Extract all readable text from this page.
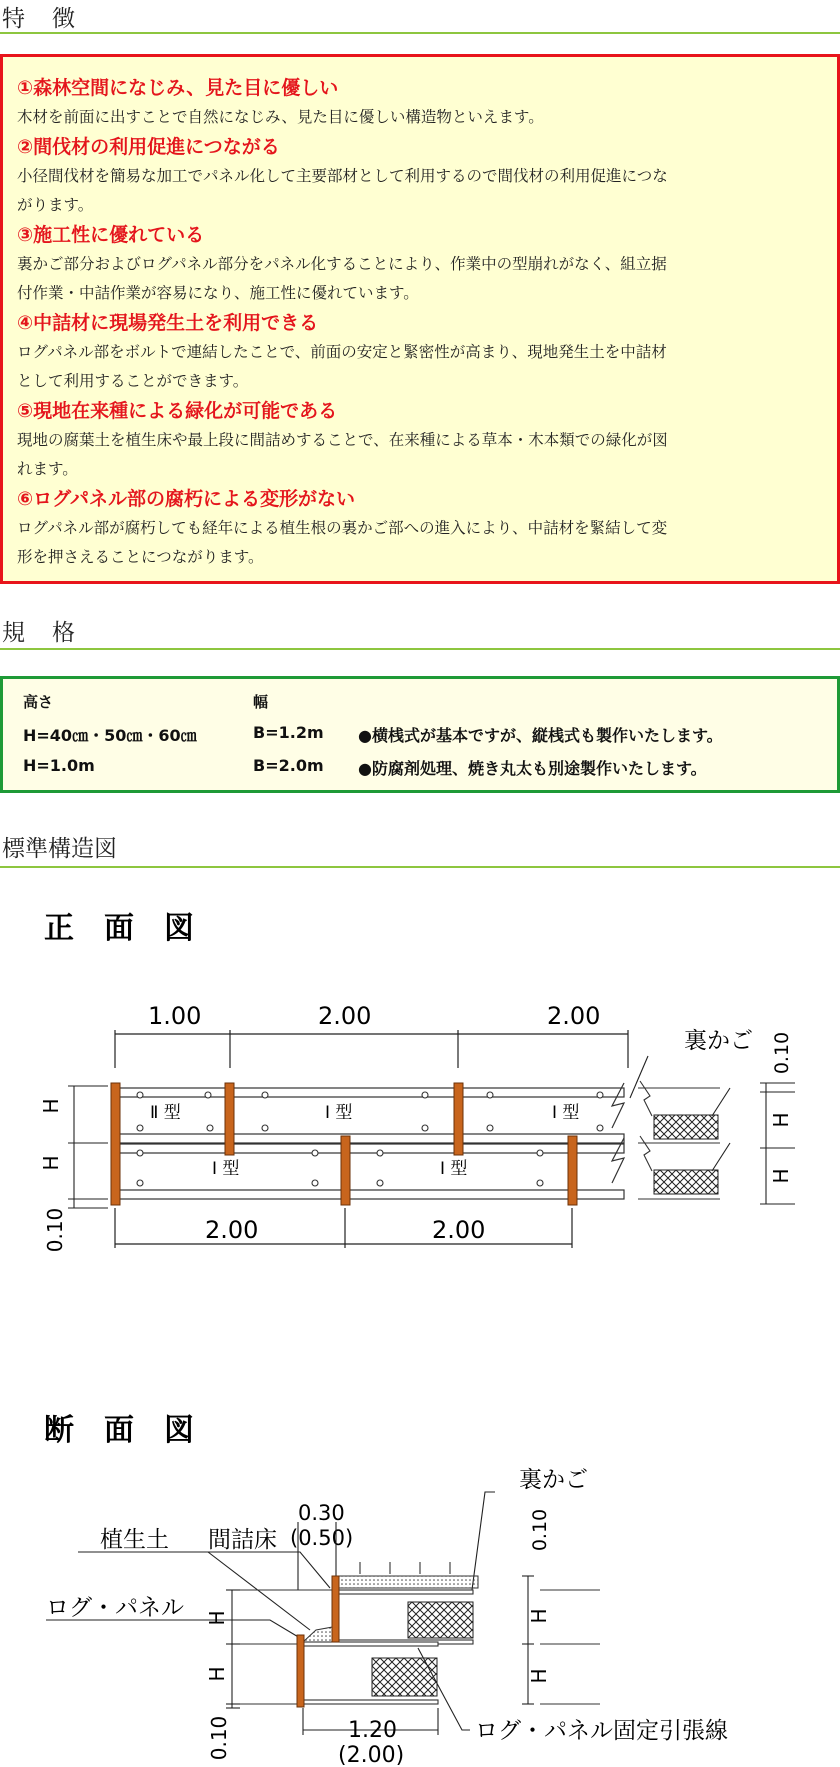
特　徴
①森林空間になじみ、見た目に優しい

木材を前面に出すことで自然になじみ、見た目に優しい構造物といえます。

②間伐材の利用促進につながる

小径間伐材を簡易な加工でパネル化して主要部材として利用するので間伐材の利用促進につな

がります。

③施工性に優れている

裏かご部分およびログパネル部分をパネル化することにより、作業中の型崩れがなく、組立据

付作業・中詰作業が容易になり、施工性に優れています。

④中詰材に現場発生土を利用できる

ログパネル部をボルトで連結したことで、前面の安定と緊密性が高まり、現地発生土を中詰材

として利用することができます。

⑤現地在来種による緑化が可能である

現地の腐葉土を植生床や最上段に間詰めすることで、在来種による草本・木本類での緑化が図

れます。

⑥ログパネル部の腐朽による変形がない

ログパネル部が腐朽しても経年による植生根の裏かご部への進入により、中詰材を緊結して変

形を押さえることにつながります。

規　格
高さ	幅
H=40㎝・50㎝・60㎝	B=1.2m ●横桟式が基本ですが、縦桟式も製作いたします。
H=1.0m	B=2.0m ●防腐剤処理、焼き丸太も別途製作いたします。
標準構造図
正　面　図
1.00	2.00	2.00
Ⅱ 型	Ⅰ 型	Ⅰ 型
Ⅰ 型	Ⅰ 型
H
H
0.10	2.00	2.00
裏かご 0.10
H
H
断　面　図
裏かご
0.30
(0.50)
植生土 間詰床
ログ・パネル
ログ・パネル固定引張線
H
H
0.10
0.10
H
H
1.20
(2.00)
